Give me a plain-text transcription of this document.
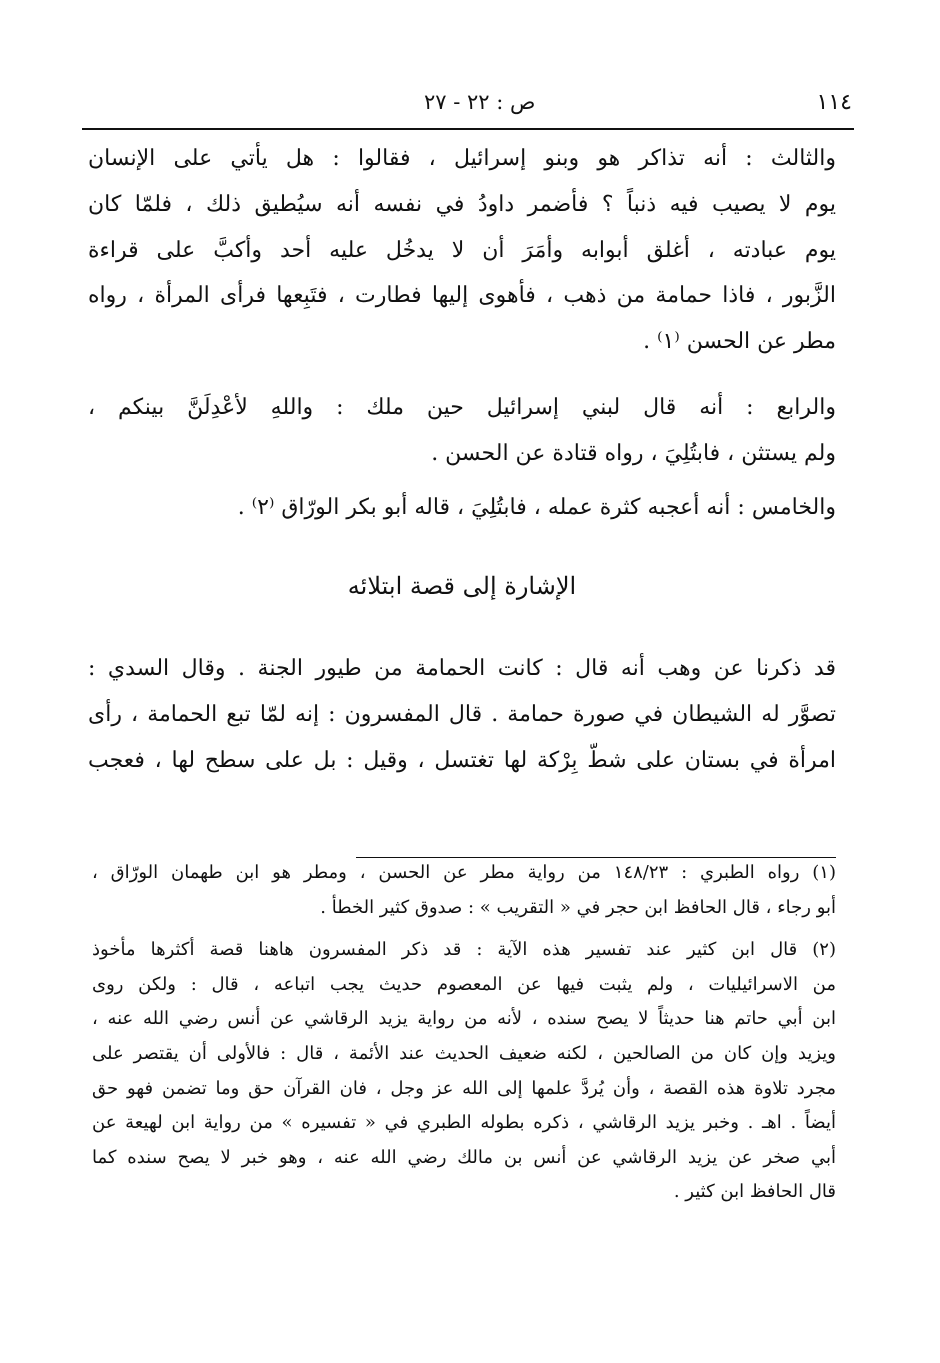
١١٤
ص : ٢٢ - ٢٧
والثالث : أنه تذاكر هو وبنو إسرائيل ، فقالوا : هل يأتي على الإنسان
يوم لا يصيب فيه ذنباً ؟ فأضمر داودُ في نفسه أنه سيُطيق ذلك ، فلمّا كان
يوم عبادته ، أغلق أبوابه وأمَرَ أن لا يدخُل عليه أحد وأكبَّ على قراءة
الزَّبور ، فاذا حمامة من ذهب ، فأهوى إليها فطارت ، فتَبِعها فرأى المرأة ، رواه
مطر عن الحسن ⁽١⁾ .
والرابع : أنه قال لبني إسرائيل حين ملك : واللهِ لأعْدِلَنَّ بينكم ،
ولم يستثن ، فابتُلِيَ ، رواه قتادة عن الحسن .
والخامس : أنه أعجبه كثرة عمله ، فابتُلِيَ ، قاله أبو بكر الورّاق ⁽٢⁾ .
الإشارة إلى قصة ابتلائه
قد ذكرنا عن وهب أنه قال : كانت الحمامة من طيور الجنة . وقال السدي :
تصوَّر له الشيطان في صورة حمامة . قال المفسرون : إنه لمّا تبع الحمامة ، رأى
امرأة في بستان على شطّ بِرْكة لها تغتسل ، وقيل : بل على سطح لها ، فعجب
(١) رواه الطبري : ١٤٨/٢٣ من رواية مطر عن الحسن ، ومطر هو ابن طهمان الورّاق ،
أبو رجاء ، قال الحافظ ابن حجر في « التقريب » : صدوق كثير الخطأ .
(٢) قال ابن كثير عند تفسير هذه الآية : قد ذكر المفسرون هاهنا قصة أكثرها مأخوذ
من الاسرائيليات ، ولم يثبت فيها عن المعصوم حديث يجب اتباعه ، قال : ولكن روى
ابن أبي حاتم هنا حديثاً لا يصح سنده ، لأنه من رواية يزيد الرقاشي عن أنس رضي الله عنه ،
ويزيد وإن كان من الصالحين ، لكنه ضعيف الحديث عند الأئمة ، قال : فالأولى أن يقتصر على
مجرد تلاوة هذه القصة ، وأن يُردَّ علمها إلى الله عز وجل ، فان القرآن حق وما تضمن فهو حق
أيضاً . اهـ . وخبر يزيد الرقاشي ، ذكره بطوله الطبري في « تفسيره » من رواية ابن لهيعة عن
أبي صخر عن يزيد الرقاشي عن أنس بن مالك رضي الله عنه ، وهو خبر لا يصح سنده كما
قال الحافظ ابن كثير .
